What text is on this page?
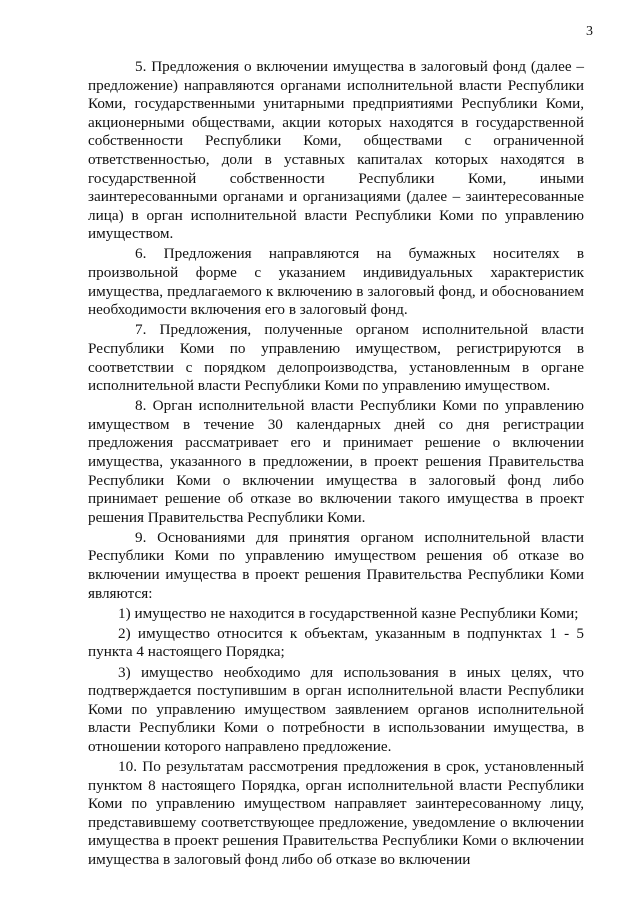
3

5. Предложения о включении имущества в залоговый фонд (далее – предложение) направляются органами исполнительной власти Республики Коми, государственными унитарными предприятиями Республики Коми, акционерными обществами, акции которых находятся в государственной собственности Республики Коми, обществами с ограниченной ответственностью, доли в уставных капиталах которых находятся в государственной собственности Республики Коми, иными заинтересованными органами и организациями (далее – заинтересованные лица) в орган исполнительной власти Республики Коми по управлению имуществом.

6. Предложения направляются на бумажных носителях в произвольной форме с указанием индивидуальных характеристик имущества, предлагаемого к включению в залоговый фонд, и обоснованием необходимости включения его в залоговый фонд.

7. Предложения, полученные органом исполнительной власти Республики Коми по управлению имуществом, регистрируются в соответствии с порядком делопроизводства, установленным в органе исполнительной власти Республики Коми по управлению имуществом.

8. Орган исполнительной власти Республики Коми по управлению имуществом в течение 30 календарных дней со дня регистрации предложения рассматривает его и принимает решение о включении имущества, указанного в предложении, в проект решения Правительства Республики Коми о включении имущества в залоговый фонд либо принимает решение об отказе во включении такого имущества в проект решения Правительства Республики Коми.

9. Основаниями для принятия органом исполнительной власти Республики Коми по управлению имуществом решения об отказе во включении имущества в проект решения Правительства Республики Коми являются:

1) имущество не находится в государственной казне Республики Коми;

2) имущество относится к объектам, указанным в подпунктах 1 - 5 пункта 4 настоящего Порядка;

3) имущество необходимо для использования в иных целях, что подтверждается поступившим в орган исполнительной власти Республики Коми по управлению имуществом заявлением органов исполнительной власти Республики Коми о потребности в использовании имущества, в отношении которого направлено предложение.

10. По результатам рассмотрения предложения в срок, установленный пунктом 8 настоящего Порядка, орган исполнительной власти Республики Коми по управлению имуществом направляет заинтересованному лицу, представившему соответствующее предложение, уведомление о включении имущества в проект решения Правительства Республики Коми о включении имущества в залоговый фонд либо об отказе во включении
